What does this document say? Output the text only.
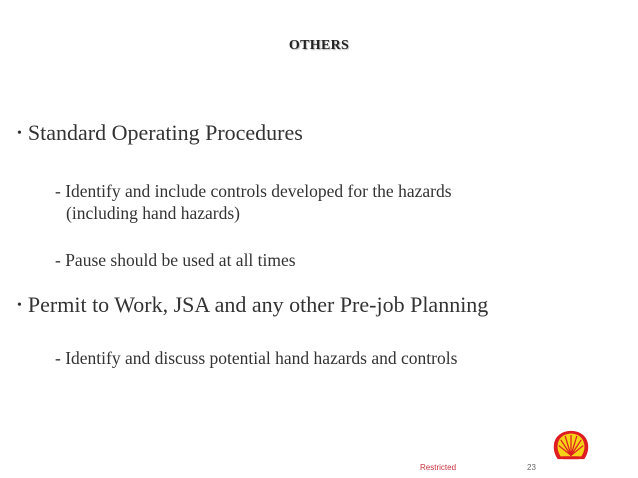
OTHERS
• Standard Operating Procedures
- Identify and include controls developed for the hazards
(including hand hazards)
- Pause should be used at all times
• Permit to Work, JSA and any other Pre-job Planning
- Identify and discuss potential hand hazards and controls
Restricted	23
